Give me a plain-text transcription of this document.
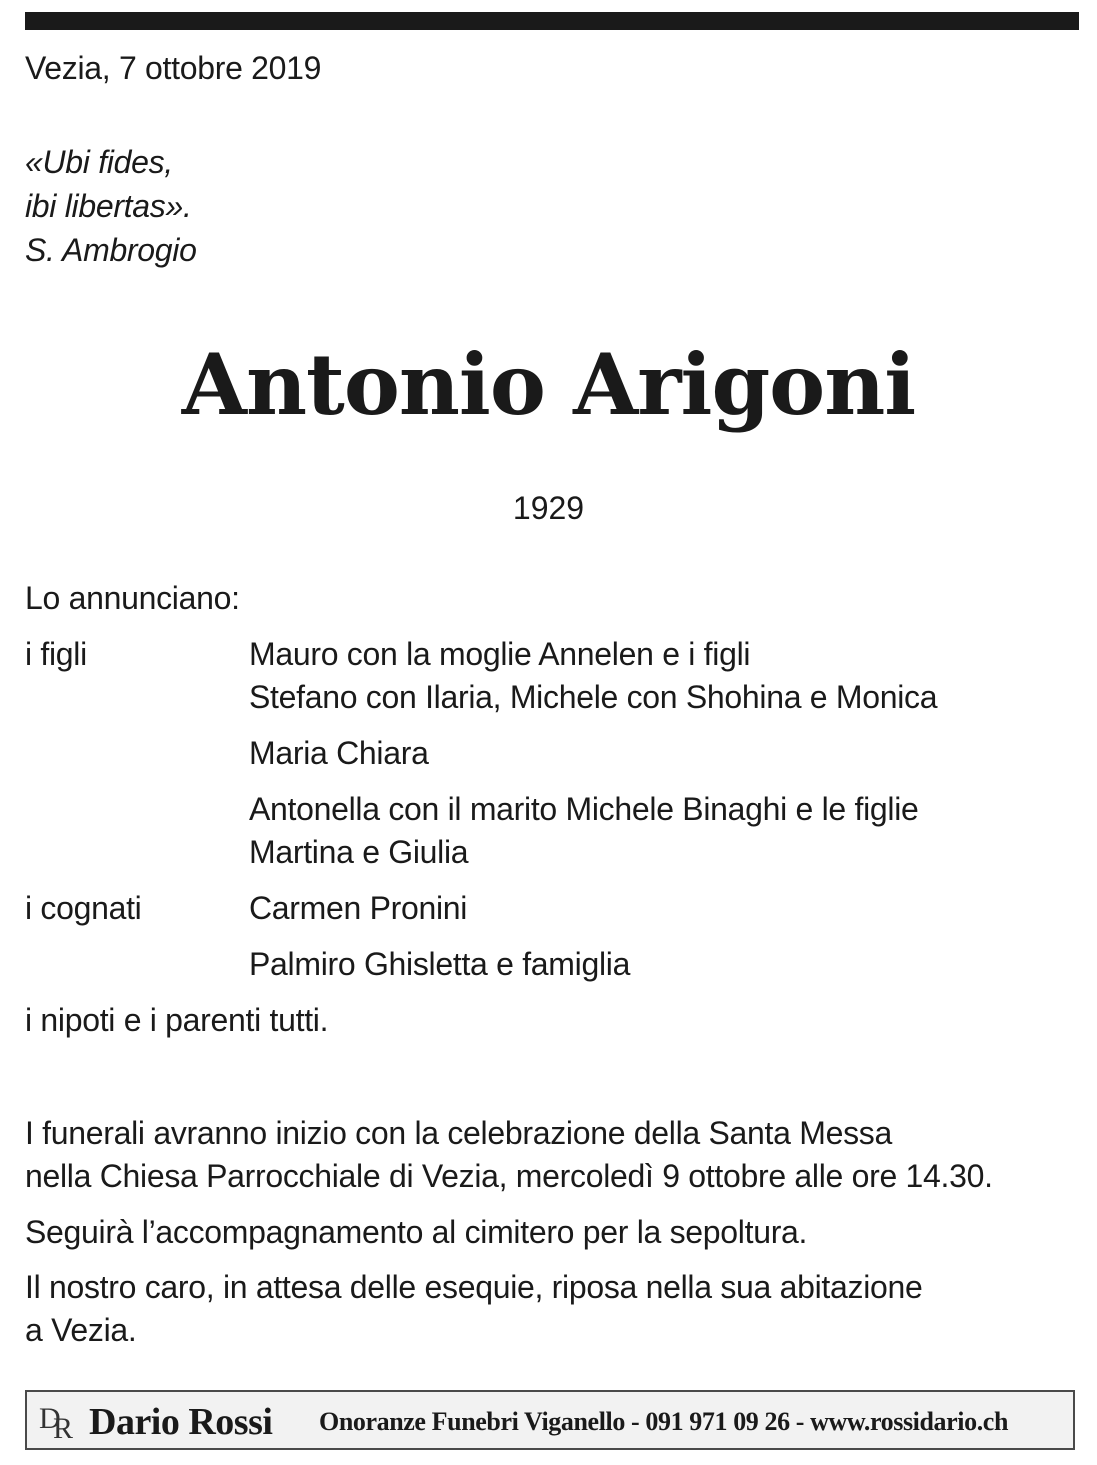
Vezia, 7 ottobre 2019
«Ubi fides,
ibi libertas».
S. Ambrogio
Antonio Arigoni
1929
Lo annunciano:
i figli	Mauro con la moglie Annelen e i figli
Stefano con Ilaria, Michele con Shohina e Monica
Maria Chiara
Antonella con il marito Michele Binaghi e le figlie
Martina e Giulia
i cognati	Carmen Pronini
Palmiro Ghisletta e famiglia
i nipoti e i parenti tutti.
I funerali avranno inizio con la celebrazione della Santa Messa
nella Chiesa Parrocchiale di Vezia, mercoledì 9 ottobre alle ore 14.30.
Seguirà l’accompagnamento al cimitero per la sepoltura.
Il nostro caro, in attesa delle esequie, riposa nella sua abitazione
a Vezia.
D
R Dario Rossi Onoranze Funebri Viganello - 091 971 09 26 - www.rossidario.ch
